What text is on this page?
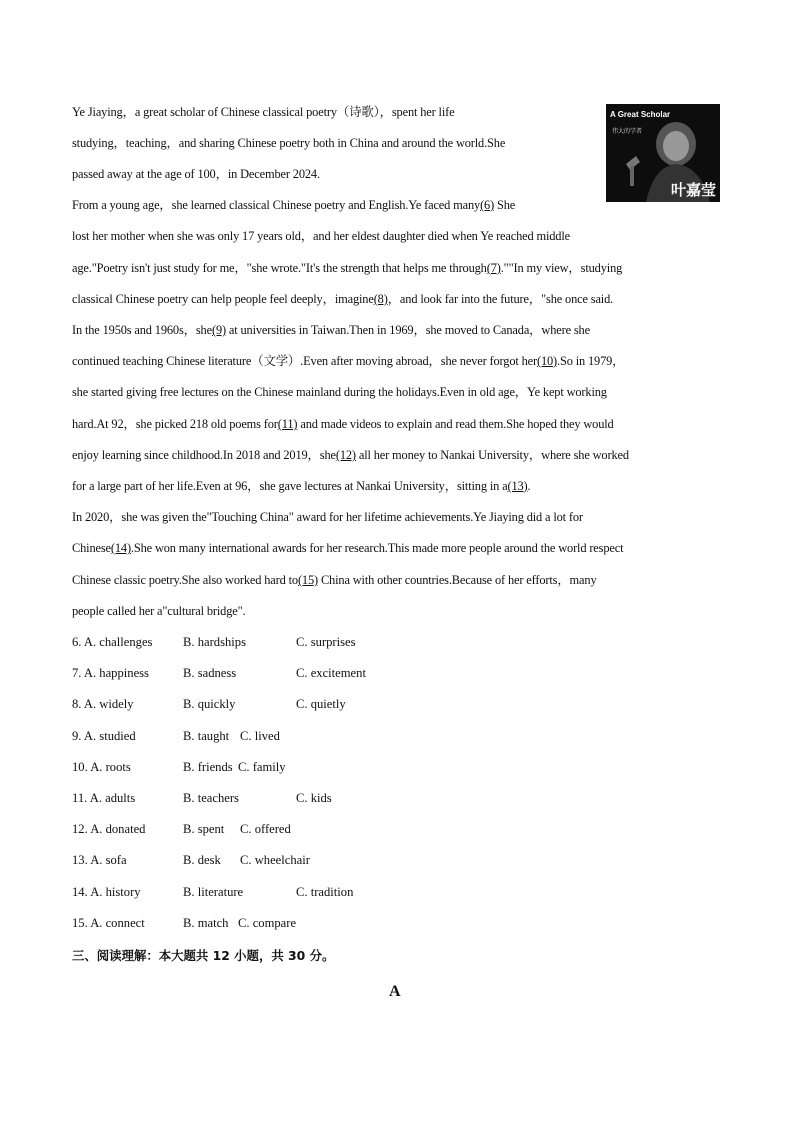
A Great Scholar
伟大的学者
叶嘉莹
Ye Jiaying，a great scholar of Chinese classical poetry（诗歌），spent her life
studying，teaching，and sharing Chinese poetry both in China and around the world.She
passed away at the age of 100，in December 2024.
From a young age，she learned classical Chinese poetry and English.Ye faced many(6) She
lost her mother when she was only 17 years old，and her eldest daughter died when Ye reached middle
age."Poetry isn't just study for me，"she wrote."It's the strength that helps me through(7).""In my view，studying
classical Chinese poetry can help people feel deeply，imagine(8)，and look far into the future，"she once said.
In the 1950s and 1960s，she(9) at universities in Taiwan.Then in 1969，she moved to Canada，where she
continued teaching Chinese literature（文学）.Even after moving abroad，she never forgot her(10).So in 1979，
she started giving free lectures on the Chinese mainland during the holidays.Even in old age，Ye kept working
hard.At 92，she picked 218 old poems for(11) and made videos to explain and read them.She hoped they would
enjoy learning since childhood.In 2018 and 2019，she(12) all her money to Nankai University，where she worked
for a large part of her life.Even at 96，she gave lectures at Nankai University，sitting in a(13).
In 2020，she was given the"Touching China" award for her lifetime achievements.Ye Jiaying did a lot for
Chinese(14).She won many international awards for her research.This made more people around the world respect
Chinese classic poetry.She also worked hard to(15) China with other countries.Because of her efforts，many
people called her a"cultural bridge".
6. A. challenges B. hardships	C. surprises
7. A. happiness	B. sadness	C. excitement
8. A. widely	B. quickly	C. quietly
9. A. studied	B. taught C. lived
10. A. roots	B. friends C. family
11. A. adults	B. teachers	C. kids
12. A. donated	B. spent C. offered
13. A. sofa	B. desk C. wheelchair
14. A. history	B. literature	C. tradition
15. A. connect	B. match C. compare
三、阅读理解：本大题共 12 小题，共 30 分。
A
